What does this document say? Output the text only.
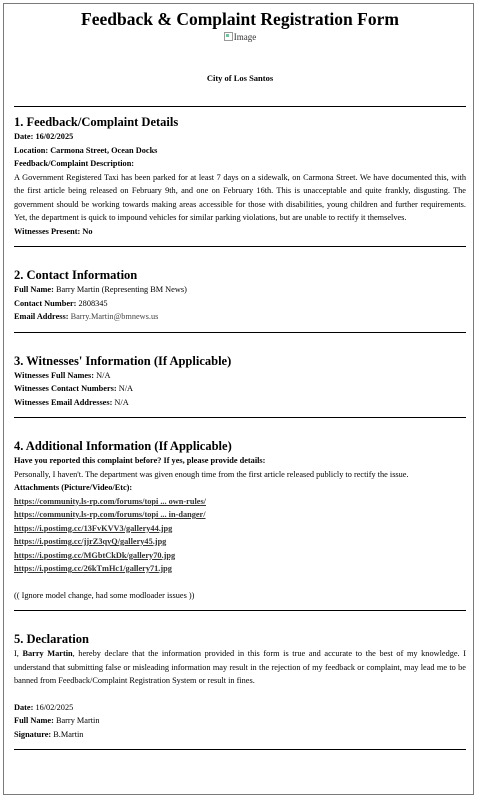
Feedback & Complaint Registration Form
Image
City of Los Santos
1. Feedback/Complaint Details

Date: 16/02/2025

Location: Carmona Street, Ocean Docks

Feedback/Complaint Description:

A Government Registered Taxi has been parked for at least 7 days on a sidewalk, on Carmona Street. We have documented this, with the first article being released on February 9th, and one on February 16th. This is unacceptable and quite frankly, disgusting. The government should be working towards making areas accessible for those with disabilities, young children and further requirements. Yet, the department is quick to impound vehicles for similar parking violations, but are unable to rectify it themselves.

Witnesses Present: No

2. Contact Information

Full Name: Barry Martin (Representing BM News)

Contact Number: 2808345

Email Address: Barry.Martin@bmnews.us

3. Witnesses' Information (If Applicable)

Witnesses Full Names: N/A

Witnesses Contact Numbers: N/A

Witnesses Email Addresses: N/A

4. Additional Information (If Applicable)

Have you reported this complaint before? If yes, please provide details:

Personally, I haven't. The department was given enough time from the first article released publicly to rectify the issue.

Attachments (Picture/Video/Etc):

https://community.ls-rp.com/forums/topi ... own-rules/

https://community.ls-rp.com/forums/topi ... in-danger/

https://i.postimg.cc/13FvKVV3/gallery44.jpg

https://i.postimg.cc/jjrZ3qyQ/gallery45.jpg

https://i.postimg.cc/MGbtCkDk/gallery70.jpg

https://i.postimg.cc/26kTmHc1/gallery71.jpg

(( Ignore model change, had some modloader issues ))

5. Declaration

I, Barry Martin, hereby declare that the information provided in this form is true and accurate to the best of my knowledge. I understand that submitting false or misleading information may result in the rejection of my feedback or complaint, may lead me to be banned from Feedback/Complaint Registration System or result in fines.

Date: 16/02/2025

Full Name: Barry Martin

Signature: B.Martin
